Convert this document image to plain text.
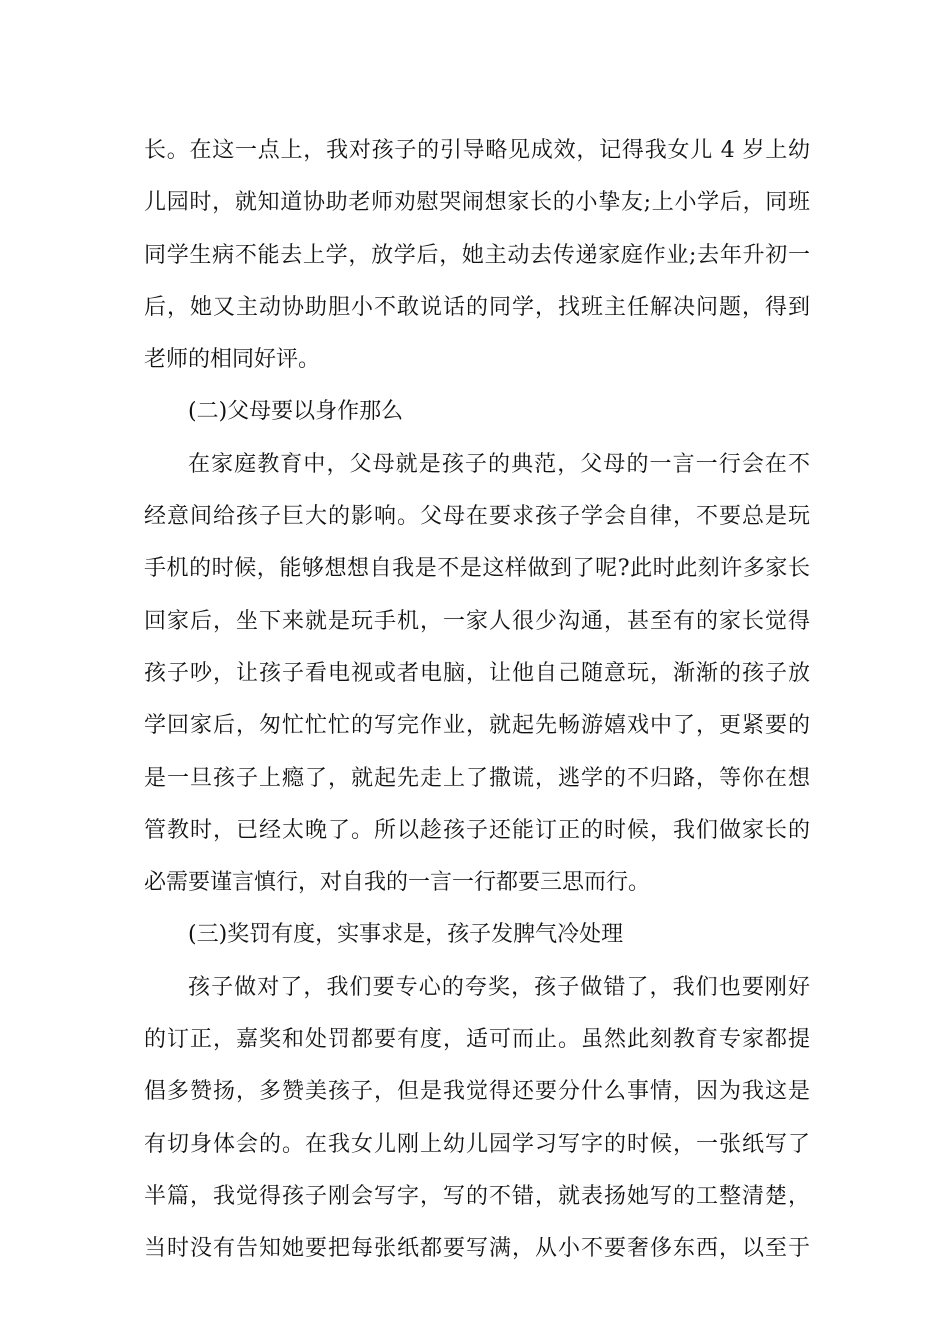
长。在这一点上，我对孩子的引导略见成效，记得我女儿 4 岁上幼
儿园时，就知道协助老师劝慰哭闹想家长的小挚友;上小学后，同班
同学生病不能去上学，放学后，她主动去传递家庭作业;去年升初一
后，她又主动协助胆小不敢说话的同学，找班主任解决问题，得到
老师的相同好评。
(二)父母要以身作那么
在家庭教育中，父母就是孩子的典范，父母的一言一行会在不
经意间给孩子巨大的影响。父母在要求孩子学会自律，不要总是玩
手机的时候，能够想想自我是不是这样做到了呢?此时此刻许多家长
回家后，坐下来就是玩手机，一家人很少沟通，甚至有的家长觉得
孩子吵，让孩子看电视或者电脑，让他自己随意玩，渐渐的孩子放
学回家后，匆忙忙忙的写完作业，就起先畅游嬉戏中了，更紧要的
是一旦孩子上瘾了，就起先走上了撒谎，逃学的不归路，等你在想
管教时，已经太晚了。所以趁孩子还能订正的时候，我们做家长的
必需要谨言慎行，对自我的一言一行都要三思而行。
(三)奖罚有度，实事求是，孩子发脾气冷处理
孩子做对了，我们要专心的夸奖，孩子做错了，我们也要刚好
的订正，嘉奖和处罚都要有度，适可而止。虽然此刻教育专家都提
倡多赞扬，多赞美孩子，但是我觉得还要分什么事情，因为我这是
有切身体会的。在我女儿刚上幼儿园学习写字的时候，一张纸写了
半篇，我觉得孩子刚会写字，写的不错，就表扬她写的工整清楚，
当时没有告知她要把每张纸都要写满，从小不要奢侈东西，以至于
